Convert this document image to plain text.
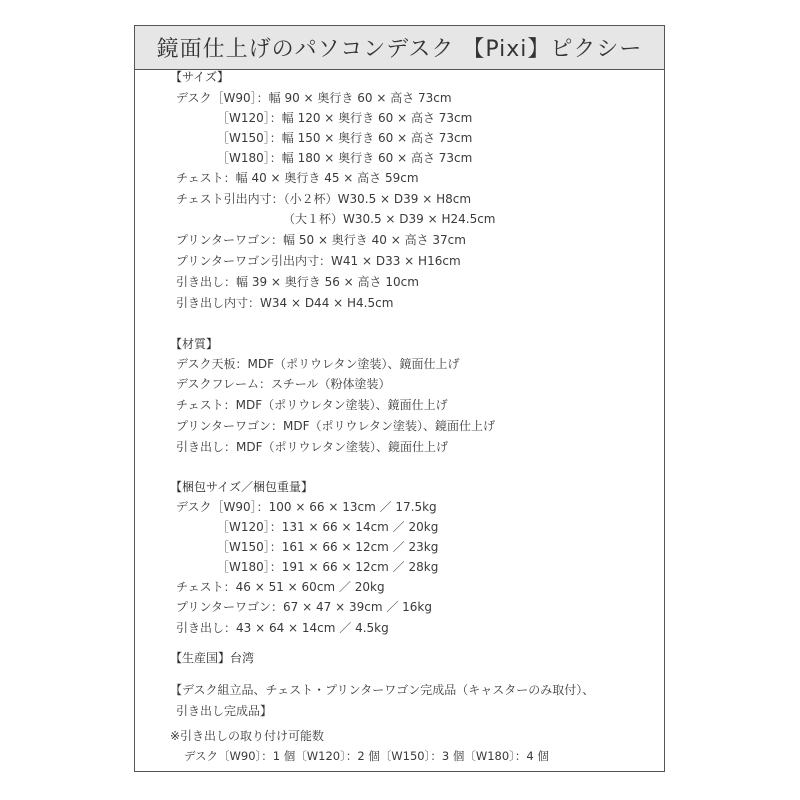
鏡面仕上げのパソコンデスク 【Pixi】ピクシー
【サイズ】
デスク［W90］：幅 90 × 奥行き 60 × 高さ 73cm
［W120］：幅 120 × 奥行き 60 × 高さ 73cm
［W150］：幅 150 × 奥行き 60 × 高さ 73cm
［W180］：幅 180 × 奥行き 60 × 高さ 73cm
チェスト：幅 40 × 奥行き 45 × 高さ 59cm
チェスト引出内寸：（小２杯）W30.5 × D39 × H8cm
（大１杯）W30.5 × D39 × H24.5cm
プリンターワゴン：幅 50 × 奥行き 40 × 高さ 37cm
プリンターワゴン引出内寸：W41 × D33 × H16cm
引き出し：幅 39 × 奥行き 56 × 高さ 10cm
引き出し内寸：W34 × D44 × H4.5cm
【材質】
デスク天板：MDF（ポリウレタン塗装）、鏡面仕上げ
デスクフレーム：スチール（粉体塗装）
チェスト：MDF（ポリウレタン塗装）、鏡面仕上げ
プリンターワゴン：MDF（ポリウレタン塗装）、鏡面仕上げ
引き出し：MDF（ポリウレタン塗装）、鏡面仕上げ
【梱包サイズ／梱包重量】
デスク［W90］：100 × 66 × 13cm ／ 17.5kg
［W120］：131 × 66 × 14cm ／ 20kg
［W150］：161 × 66 × 12cm ／ 23kg
［W180］：191 × 66 × 12cm ／ 28kg
チェスト：46 × 51 × 60cm ／ 20kg
プリンターワゴン：67 × 47 × 39cm ／ 16kg
引き出し：43 × 64 × 14cm ／ 4.5kg
【生産国】台湾
【デスク組立品、チェスト・プリンターワゴン完成品（キャスターのみ取付）、
引き出し完成品】
※引き出しの取り付け可能数
デスク〔W90〕：1 個〔W120〕：2 個〔W150〕：3 個〔W180〕：4 個
